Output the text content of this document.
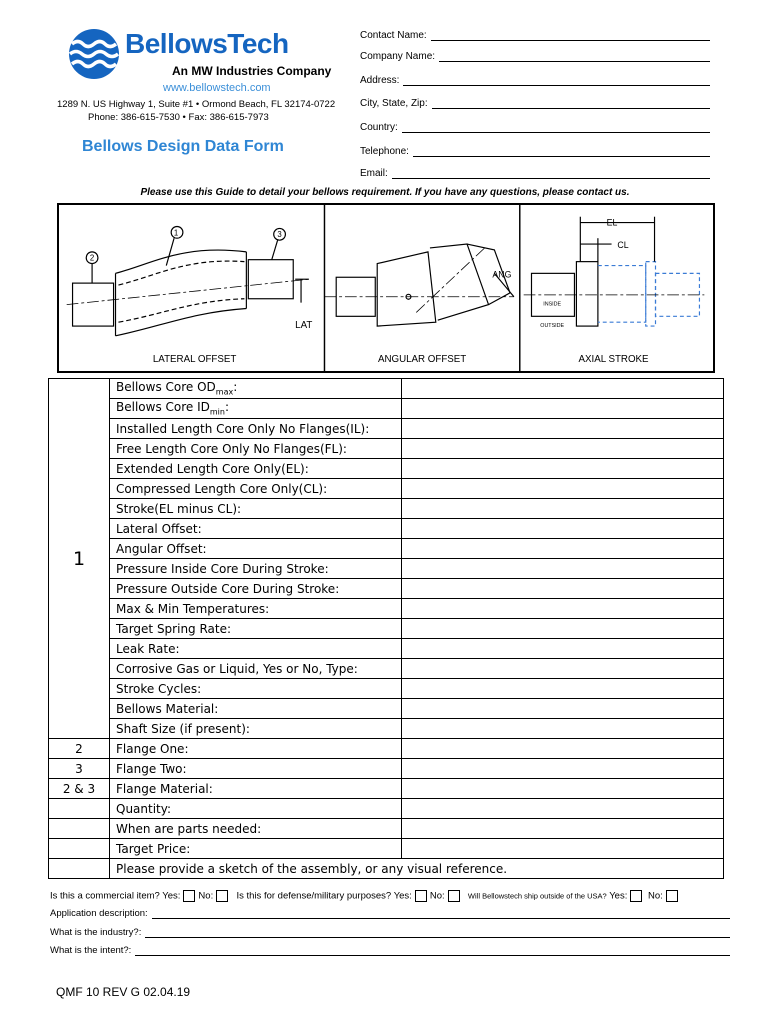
BellowsTech
An MW Industries Company
www.bellowstech.com
1289 N. US Highway 1, Suite #1 • Ormond Beach, FL 32174-0722
Phone: 386-615-7530 • Fax: 386-615-7973
Bellows Design Data Form
Contact Name:
Company Name:
Address:
City, State, Zip:
Country:
Telephone:
Email:
Please use this Guide to detail your bellows requirement. If you have any questions, please contact us.
1	3
2
LAT
ANG
EL
CL
INSIDE
OUTSIDE
LATERAL OFFSET	ANGULAR OFFSET	AXIAL STROKE
1	Bellows Core $OD_{max}$:	
	Bellows Core $ID_{min}$:	
	Installed Length Core Only No Flanges(IL):	
	Free Length Core Only No Flanges(FL):	
	Extended Length Core Only(EL):	
	Compressed Length Core Only(CL):	
	Stroke(EL minus CL):	
	Lateral Offset:	
	Angular Offset:	
	Pressure Inside Core During Stroke:	
	Pressure Outside Core During Stroke:	
	Max & Min Temperatures:	
	Target Spring Rate:	
	Leak Rate:	
	Corrosive Gas or Liquid, Yes or No, Type:	
	Stroke Cycles:	
	Bellows Material:	
	Shaft Size (if present):	
2	Flange One:	
3	Flange Two:	
2 & 3	Flange Material:	
	Quantity:	
	When are parts needed:	
	Target Price:	
	Please provide a sketch of the assembly, or any visual reference.	
Is this a commercial item? Yes: No: Is this for defense/military purposes? Yes: No:	Will Bellowstech ship outside of the USA? Yes: No:
Application description:
What is the industry?:
What is the intent?:
QMF 10 REV G 02.04.19
